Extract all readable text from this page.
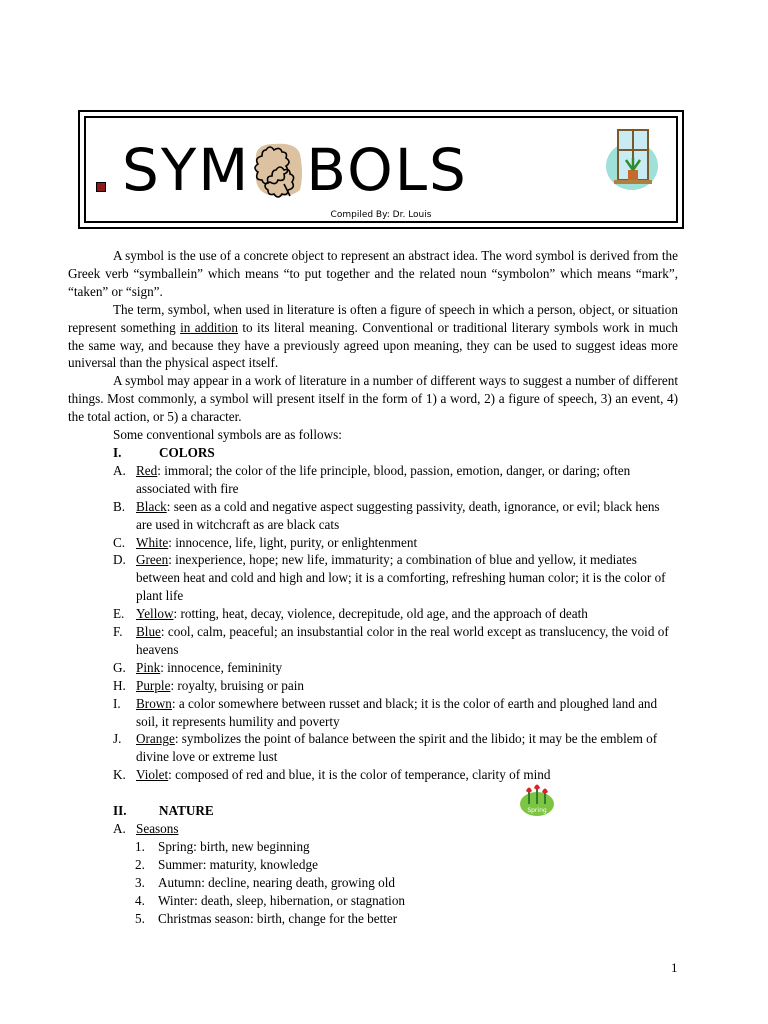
SYM BOLS
Compiled By: Dr. Louis

A symbol is the use of a concrete object to represent an abstract idea. The word symbol is derived from the Greek verb “symballein” which means “to put together and the related noun “symbolon” which means “mark”, “taken” or “sign”.

The term, symbol, when used in literature is often a figure of speech in which a person, object, or situation represent something in addition to its literal meaning. Conventional or traditional literary symbols work in much the same way, and because they have a previously agreed upon meaning, they can be used to suggest ideas more universal than the physical aspect itself.

A symbol may appear in a work of literature in a number of different ways to suggest a number of different things. Most commonly, a symbol will present itself in the form of 1) a word, 2) a figure of speech, 3) an event, 4) the total action, or 5) a character.

Some conventional symbols are as follows:

I.	COLORS
A. Red: immoral; the color of the life principle, blood, passion, emotion, danger, or daring; often associated with fire
B. Black: seen as a cold and negative aspect suggesting passivity, death, ignorance, or evil; black hens are used in witchcraft as are black cats
C. White: innocence, life, light, purity, or enlightenment
D. Green: inexperience, hope; new life, immaturity; a combination of blue and yellow, it mediates between heat and cold and high and low; it is a comforting, refreshing human color; it is the color of plant life
E. Yellow: rotting, heat, decay, violence, decrepitude, old age, and the approach of death
F.	Blue: cool, calm, peaceful; an insubstantial color in the real world except as translucency, the void of heavens
G. Pink: innocence, femininity
H. Purple: royalty, bruising or pain
I.	Brown: a color somewhere between russet and black; it is the color of earth and ploughed land and soil, it represents humility and poverty
J.	Orange: symbolizes the point of balance between the spirit and the libido; it may be the emblem of divine love or extreme lust
K. Violet: composed of red and blue, it is the color of temperance, clarity of mind
II.	NATURE
A. Seasons
1. Spring: birth, new beginning
2. Summer: maturity, knowledge
3. Autumn: decline, nearing death, growing old
4. Winter: death, sleep, hibernation, or stagnation
5. Christmas season: birth, change for the better
Spring
1
